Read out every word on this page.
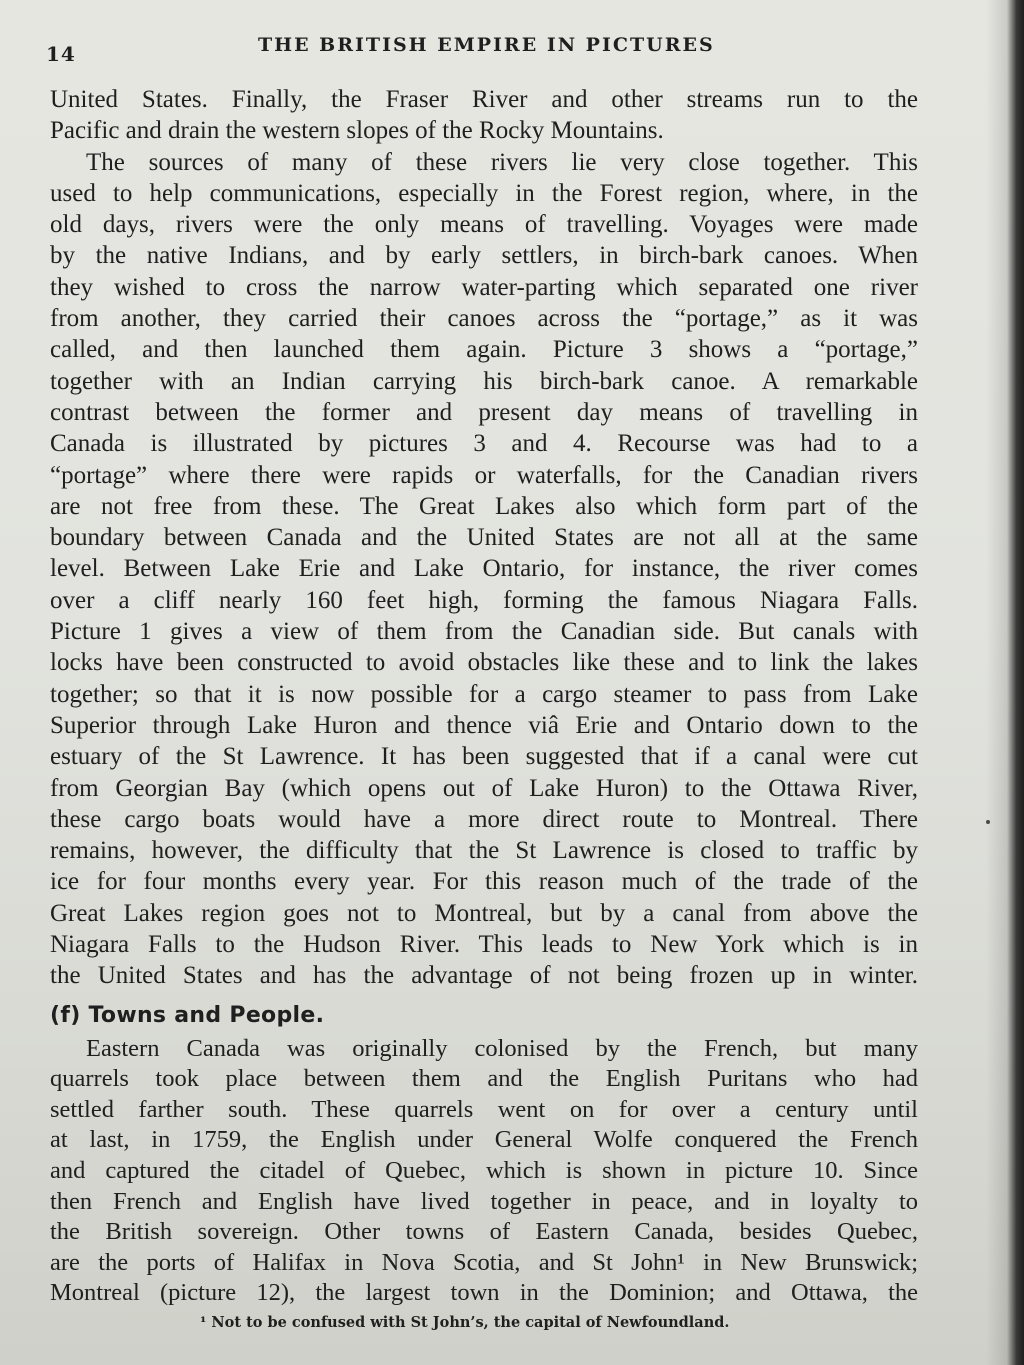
14	THE BRITISH EMPIRE IN PICTURES
United States. Finally, the Fraser River and other streams run to the
Pacific and drain the western slopes of the Rocky Mountains.
The sources of many of these rivers lie very close together. This
used to help communications, especially in the Forest region, where, in the
old days, rivers were the only means of travelling. Voyages were made
by the native Indians, and by early settlers, in birch-bark canoes. When
they wished to cross the narrow water-parting which separated one river
from another, they carried their canoes across the “portage,” as it was
called, and then launched them again. Picture 3 shows a “portage,”
together with an Indian carrying his birch-bark canoe. A remarkable
contrast between the former and present day means of travelling in
Canada is illustrated by pictures 3 and 4. Recourse was had to a
“portage” where there were rapids or waterfalls, for the Canadian rivers
are not free from these. The Great Lakes also which form part of the
boundary between Canada and the United States are not all at the same
level. Between Lake Erie and Lake Ontario, for instance, the river comes
over a cliff nearly 160 feet high, forming the famous Niagara Falls.
Picture 1 gives a view of them from the Canadian side. But canals with
locks have been constructed to avoid obstacles like these and to link the lakes
together; so that it is now possible for a cargo steamer to pass from Lake
Superior through Lake Huron and thence viâ Erie and Ontario down to the
estuary of the St Lawrence. It has been suggested that if a canal were cut
from Georgian Bay (which opens out of Lake Huron) to the Ottawa River,
these cargo boats would have a more direct route to Montreal. There
remains, however, the difficulty that the St Lawrence is closed to traffic by
ice for four months every year. For this reason much of the trade of the
Great Lakes region goes not to Montreal, but by a canal from above the
Niagara Falls to the Hudson River. This leads to New York which is in
the United States and has the advantage of not being frozen up in winter.
(f) Towns and People.
Eastern Canada was originally colonised by the French, but many
quarrels took place between them and the English Puritans who had
settled farther south. These quarrels went on for over a century until
at last, in 1759, the English under General Wolfe conquered the French
and captured the citadel of Quebec, which is shown in picture 10. Since
then French and English have lived together in peace, and in loyalty to
the British sovereign. Other towns of Eastern Canada, besides Quebec,
are the ports of Halifax in Nova Scotia, and St John¹ in New Brunswick;
Montreal (picture 12), the largest town in the Dominion; and Ottawa, the
¹ Not to be confused with St John’s, the capital of Newfoundland.
